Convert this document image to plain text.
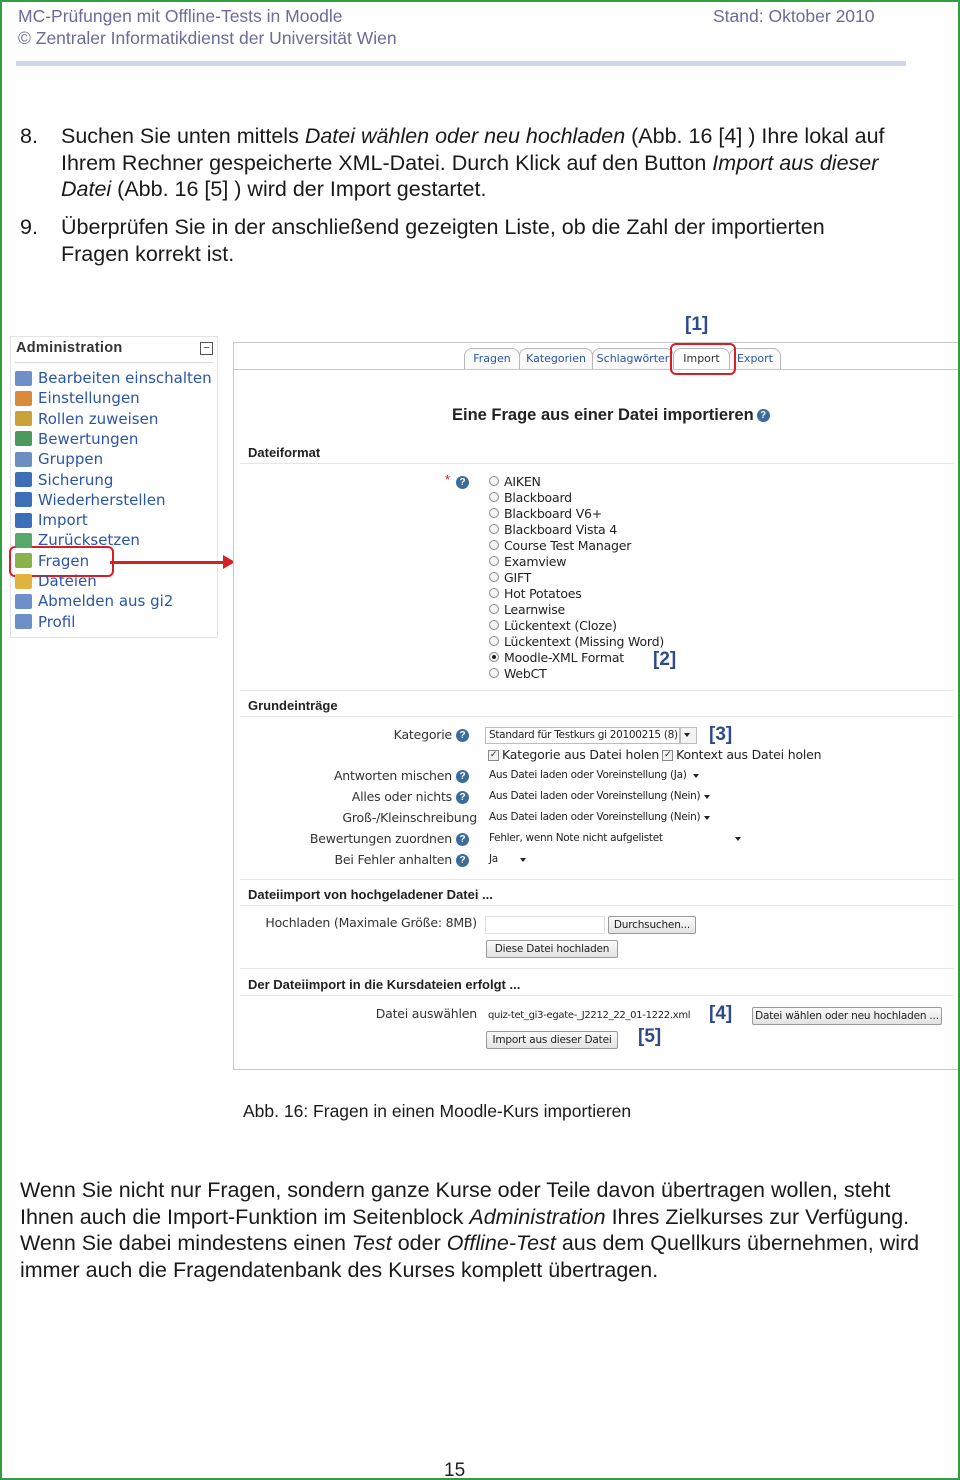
MC-Prüfungen mit Offline-Tests in Moodle
© Zentraler Informatikdienst der Universität Wien
Stand: Oktober 2010
8. Suchen Sie unten mittels Datei wählen oder neu hochladen (Abb. 16 [4] ) Ihre lokal auf Ihrem Rechner gespeicherte XML-Datei. Durch Klick auf den Button Import aus dieser Datei (Abb. 16 [5] ) wird der Import gestartet.
9. Überprüfen Sie in der anschließend gezeigten Liste, ob die Zahl der importierten Fragen korrekt ist.
Administration	−
Fragen	Kategorien Schlagwörter	Import	Export
[1]
Eine Frage aus einer Datei importieren ?
Dateiformat
* ?
[2]
Grundeinträge
Kategorie ?	Standard für Testkurs gi 20100215 (8) [3]
✓ Kategorie aus Datei holen ✓ Kontext aus Datei holen
Antworten mischen ?	Aus Datei laden oder Voreinstellung (Ja)
Alles oder nichts ?	Aus Datei laden oder Voreinstellung (Nein)
Groß-/Kleinschreibung Aus Datei laden oder Voreinstellung (Nein)
Bewertungen zuordnen ?	Fehler, wenn Note nicht aufgelistet
Bei Fehler anhalten ?	Ja
Dateiimport von hochgeladener Datei ...
Hochladen (Maximale Größe: 8MB)	Durchsuchen...
Diese Datei hochladen
Der Dateiimport in die Kursdateien erfolgt ...
Datei auswählen quiz-tet_gi3-egate-_J2212_22_01-1222.xml [4] Datei wählen oder neu hochladen ...
Import aus dieser Datei	[5]
Abb. 16: Fragen in einen Moodle-Kurs importieren
Wenn Sie nicht nur Fragen, sondern ganze Kurse oder Teile davon übertragen wollen, steht Ihnen auch die Import-Funktion im Seitenblock Administration Ihres Zielkurses zur Verfügung. Wenn Sie dabei mindestens einen Test oder Offline-Test aus dem Quellkurs übernehmen, wird immer auch die Fragendatenbank des Kurses komplett übertragen.
15
Bearbeiten einschalten
Einstellungen
Rollen zuweisen
Bewertungen
Gruppen
Sicherung
Wiederherstellen
Import
Zurücksetzen
Fragen
Dateien
Abmelden aus gi2
Profil
AIKEN
Blackboard
Blackboard V6+
Blackboard Vista 4
Course Test Manager
Examview
GIFT
Hot Potatoes
Learnwise
Lückentext (Cloze)
Lückentext (Missing Word)
Moodle-XML Format
WebCT
